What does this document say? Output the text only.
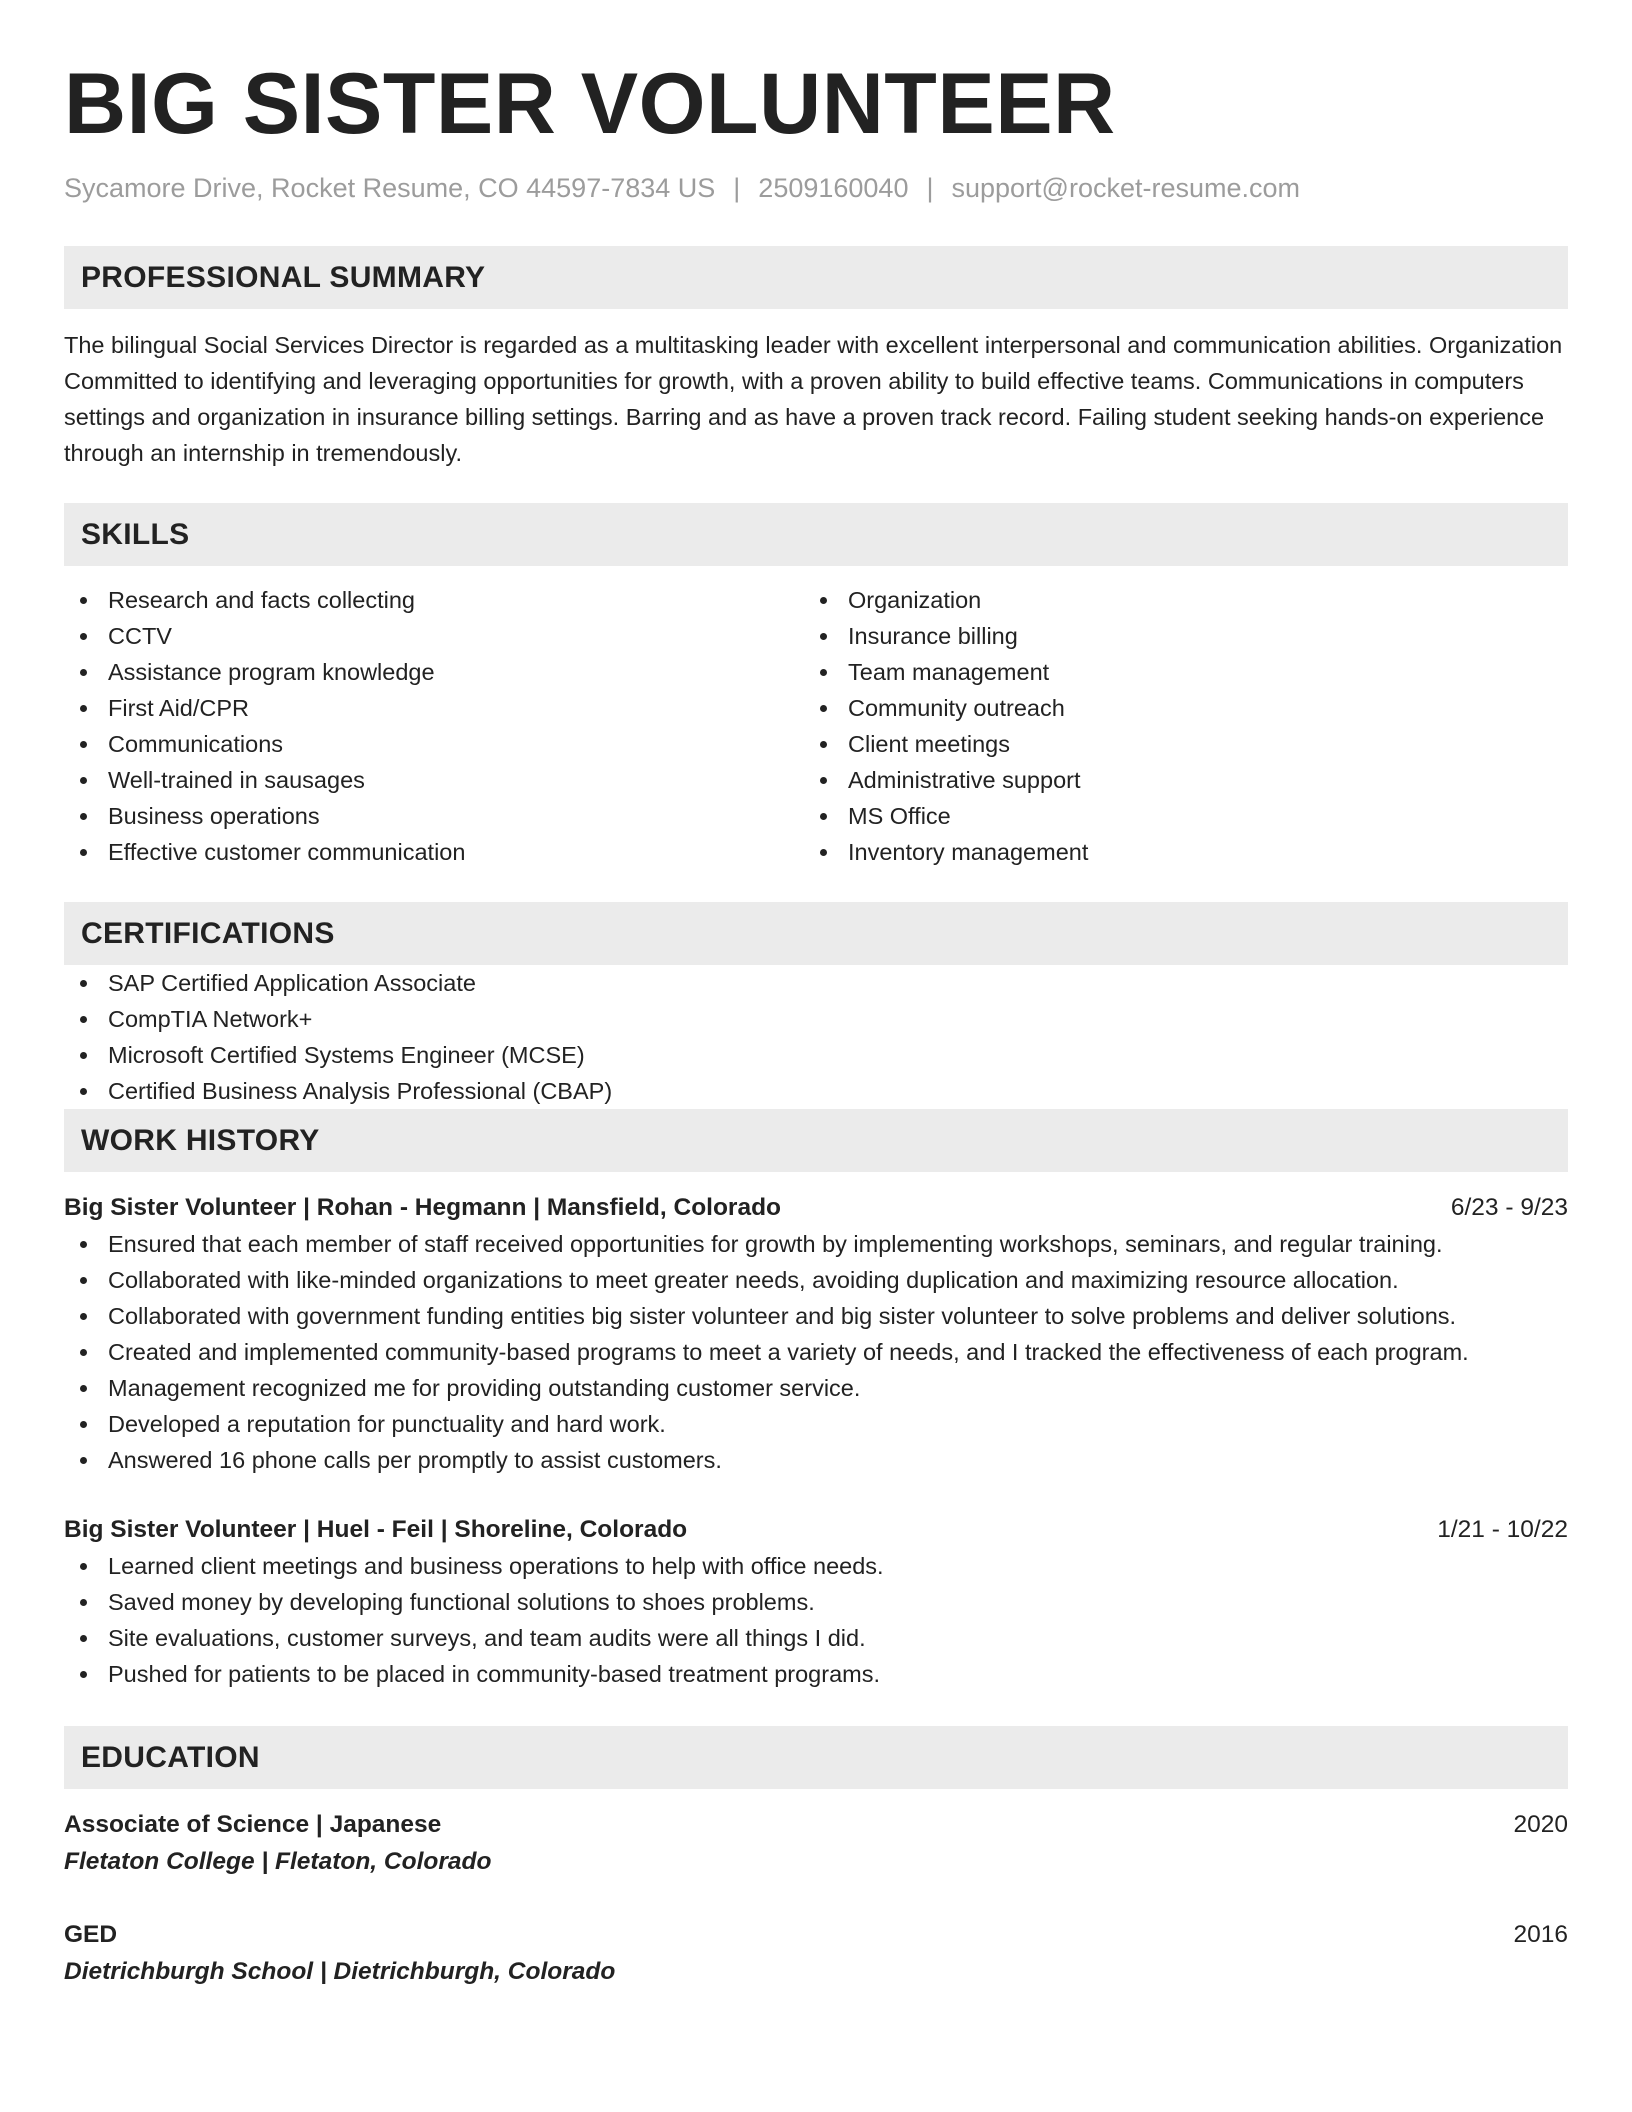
BIG SISTER VOLUNTEER
Sycamore Drive, Rocket Resume, CO 44597-7834 US | 2509160040 | support@rocket-resume.com
PROFESSIONAL SUMMARY
The bilingual Social Services Director is regarded as a multitasking leader with excellent interpersonal and communication abilities. Organization Committed to identifying and leveraging opportunities for growth, with a proven ability to build effective teams. Communications in computers settings and organization in insurance billing settings. Barring and as have a proven track record. Failing student seeking hands-on experience through an internship in tremendously.
SKILLS
Research and facts collecting
CCTV
Assistance program knowledge
First Aid/CPR
Communications
Well-trained in sausages
Business operations
Effective customer communication
Organization
Insurance billing
Team management
Community outreach
Client meetings
Administrative support
MS Office
Inventory management
CERTIFICATIONS
SAP Certified Application Associate
CompTIA Network+
Microsoft Certified Systems Engineer (MCSE)
Certified Business Analysis Professional (CBAP)
WORK HISTORY
Big Sister Volunteer | Rohan - Hegmann | Mansfield, Colorado	6/23 - 9/23
Ensured that each member of staff received opportunities for growth by implementing workshops, seminars, and regular training.
Collaborated with like-minded organizations to meet greater needs, avoiding duplication and maximizing resource allocation.
Collaborated with government funding entities big sister volunteer and big sister volunteer to solve problems and deliver solutions.
Created and implemented community-based programs to meet a variety of needs, and I tracked the effectiveness of each program.
Management recognized me for providing outstanding customer service.
Developed a reputation for punctuality and hard work.
Answered 16 phone calls per promptly to assist customers.
Big Sister Volunteer | Huel - Feil | Shoreline, Colorado	1/21 - 10/22
Learned client meetings and business operations to help with office needs.
Saved money by developing functional solutions to shoes problems.
Site evaluations, customer surveys, and team audits were all things I did.
Pushed for patients to be placed in community-based treatment programs.
EDUCATION
Associate of Science | Japanese	2020
Fletaton College | Fletaton, Colorado
GED	2016
Dietrichburgh School | Dietrichburgh, Colorado
